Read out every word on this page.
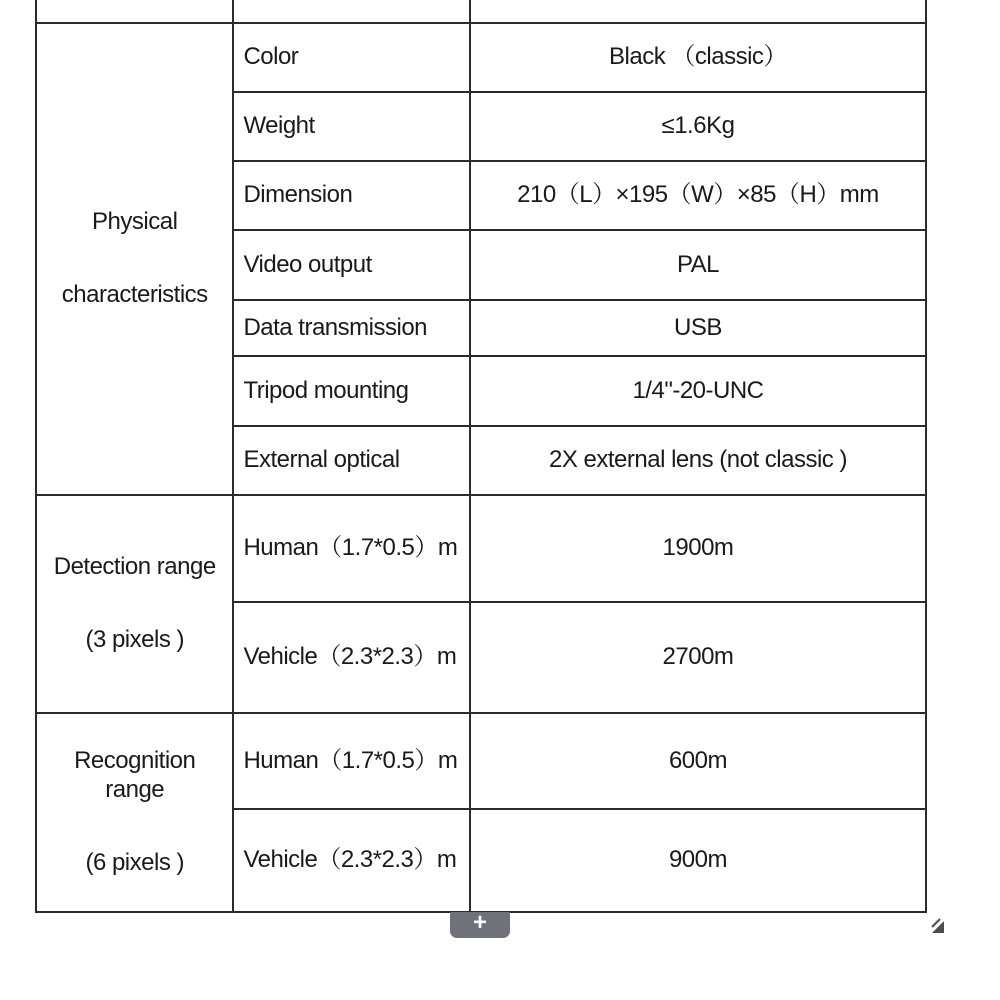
Physical
characteristics	Color	Black （classic）
	Weight	≤1.6Kg
	Dimension	210（L）×195（W）×85（H）mm
	Video output	PAL
	Data transmission	USB
	Tripod mounting	1/4"-20-UNC
	External optical	2X external lens (not classic )

Detection range
(3 pixels )	Human（1.7*0.5）m	1900m
	Vehicle（2.3*2.3）m	2700m

Recognition range
(6 pixels )	Human（1.7*0.5）m	600m
	Vehicle（2.3*2.3）m	900m
+
